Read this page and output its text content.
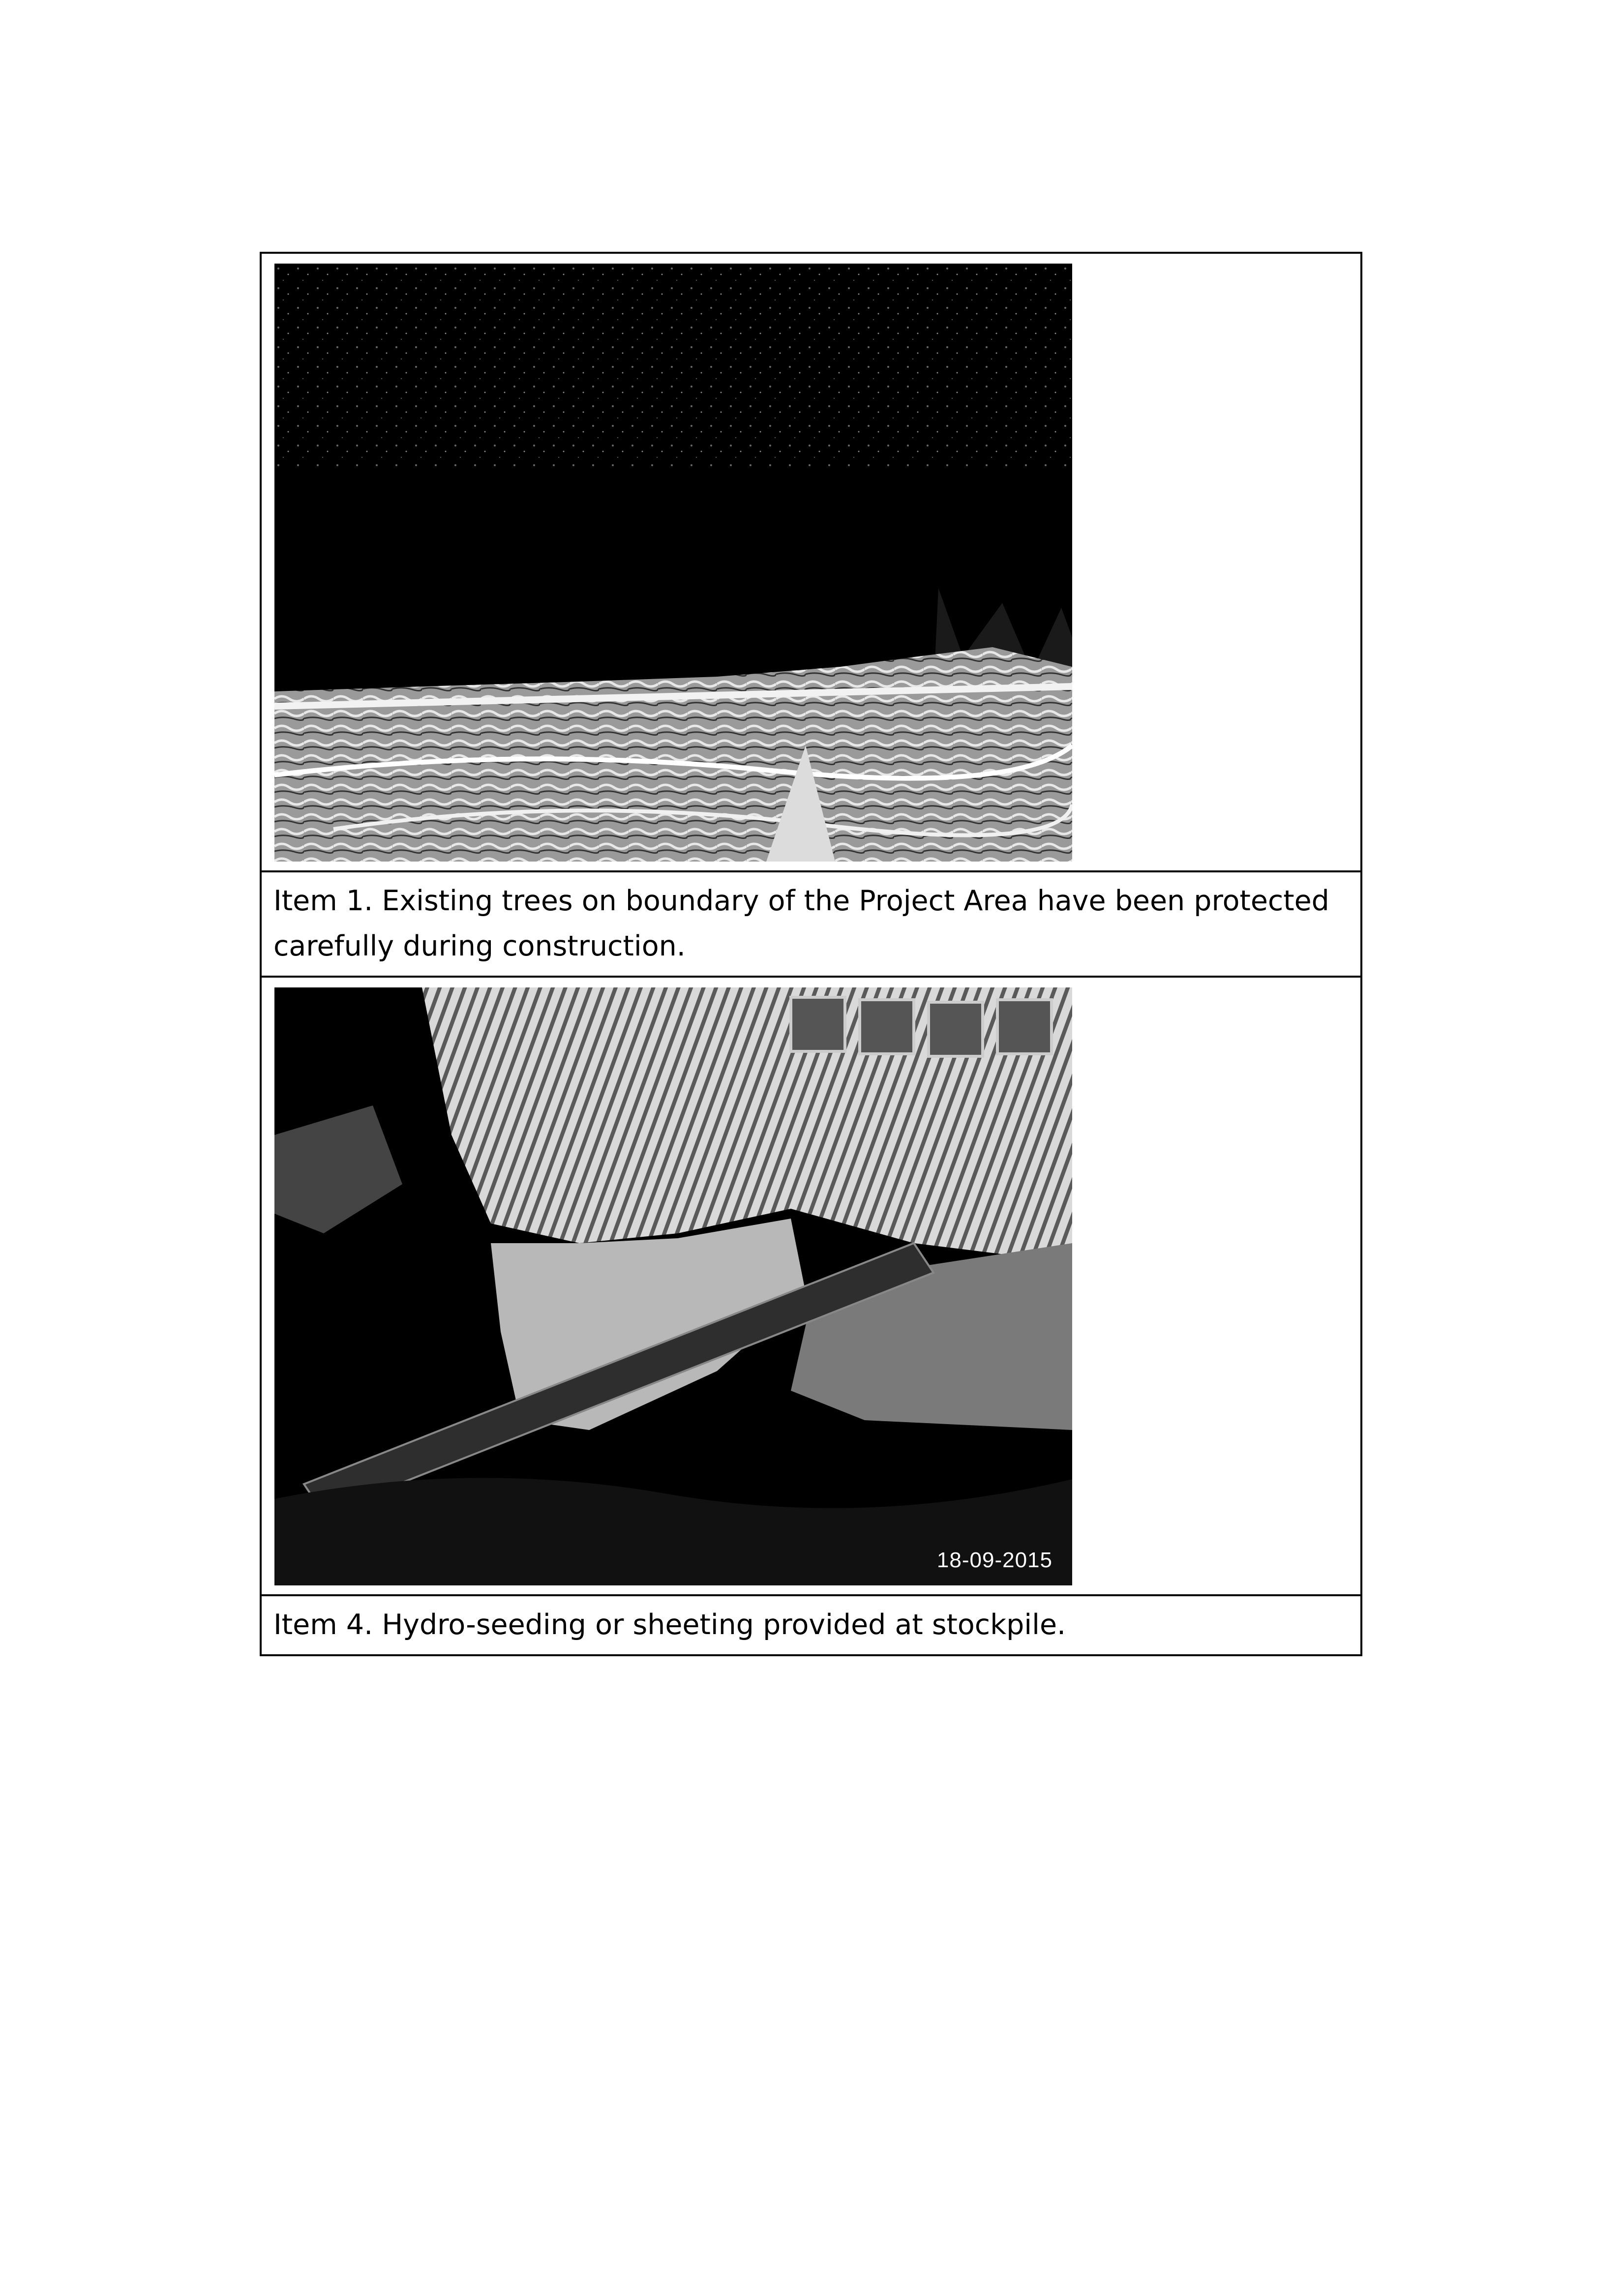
Item 1. Existing trees on boundary of the Project Area have been protected carefully during construction.
18-09-2015
Item 4. Hydro-seeding or sheeting provided at stockpile.
